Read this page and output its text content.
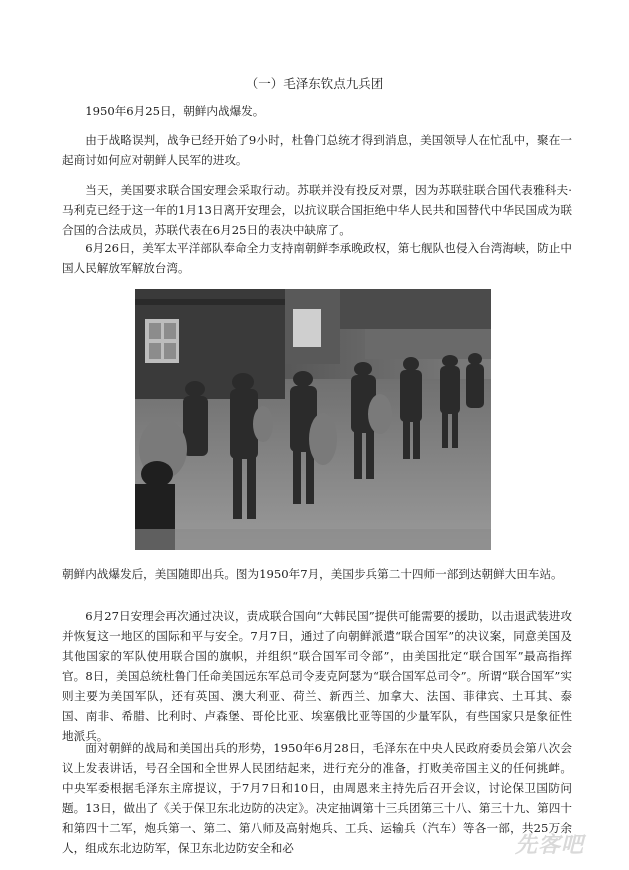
（一）毛泽东钦点九兵团

1950年6月25日，朝鲜内战爆发。

由于战略误判，战争已经开始了9小时，杜鲁门总统才得到消息，美国领导人在忙乱中，聚在一起商讨如何应对朝鲜人民军的进攻。

当天，美国要求联合国安理会采取行动。苏联并没有投反对票，因为苏联驻联合国代表雅科夫·马利克已经于这一年的1月13日离开安理会，以抗议联合国拒绝中华人民共和国替代中华民国成为联合国的合法成员，苏联代表在6月25日的表决中缺席了。

6月26日，美军太平洋部队奉命全力支持南朝鲜李承晚政权，第七舰队也侵入台湾海峡，防止中国人民解放军解放台湾。

朝鲜内战爆发后，美国随即出兵。图为1950年7月，美国步兵第二十四师一部到达朝鲜大田车站。

6月27日安理会再次通过决议，责成联合国向“大韩民国”提供可能需要的援助，以击退武装进攻并恢复这一地区的国际和平与安全。7月7日，通过了向朝鲜派遣“联合国军”的决议案，同意美国及其他国家的军队使用联合国的旗帜，并组织“联合国军司令部”，由美国批定“联合国军”最高指挥官。8日，美国总统杜鲁门任命美国远东军总司令麦克阿瑟为“联合国军总司令”。所谓“联合国军”实则主要为美国军队，还有英国、澳大利亚、荷兰、新西兰、加拿大、法国、菲律宾、土耳其、泰国、南非、希腊、比利时、卢森堡、哥伦比亚、埃塞俄比亚等国的少量军队，有些国家只是象征性地派兵。

面对朝鲜的战局和美国出兵的形势，1950年6月28日，毛泽东在中央人民政府委员会第八次会议上发表讲话，号召全国和全世界人民团结起来，进行充分的准备，打败美帝国主义的任何挑衅。中央军委根据毛泽东主席提议，于7月7日和10日，由周恩来主持先后召开会议，讨论保卫国防问题。13日，做出了《关于保卫东北边防的决定》。决定抽调第十三兵团第三十八、第三十九、第四十和第四十二军，炮兵第一、第二、第八师及高射炮兵、工兵、运输兵（汽车）等各一部，共25万余人，组成东北边防军，保卫东北边防安全和必	先客吧
